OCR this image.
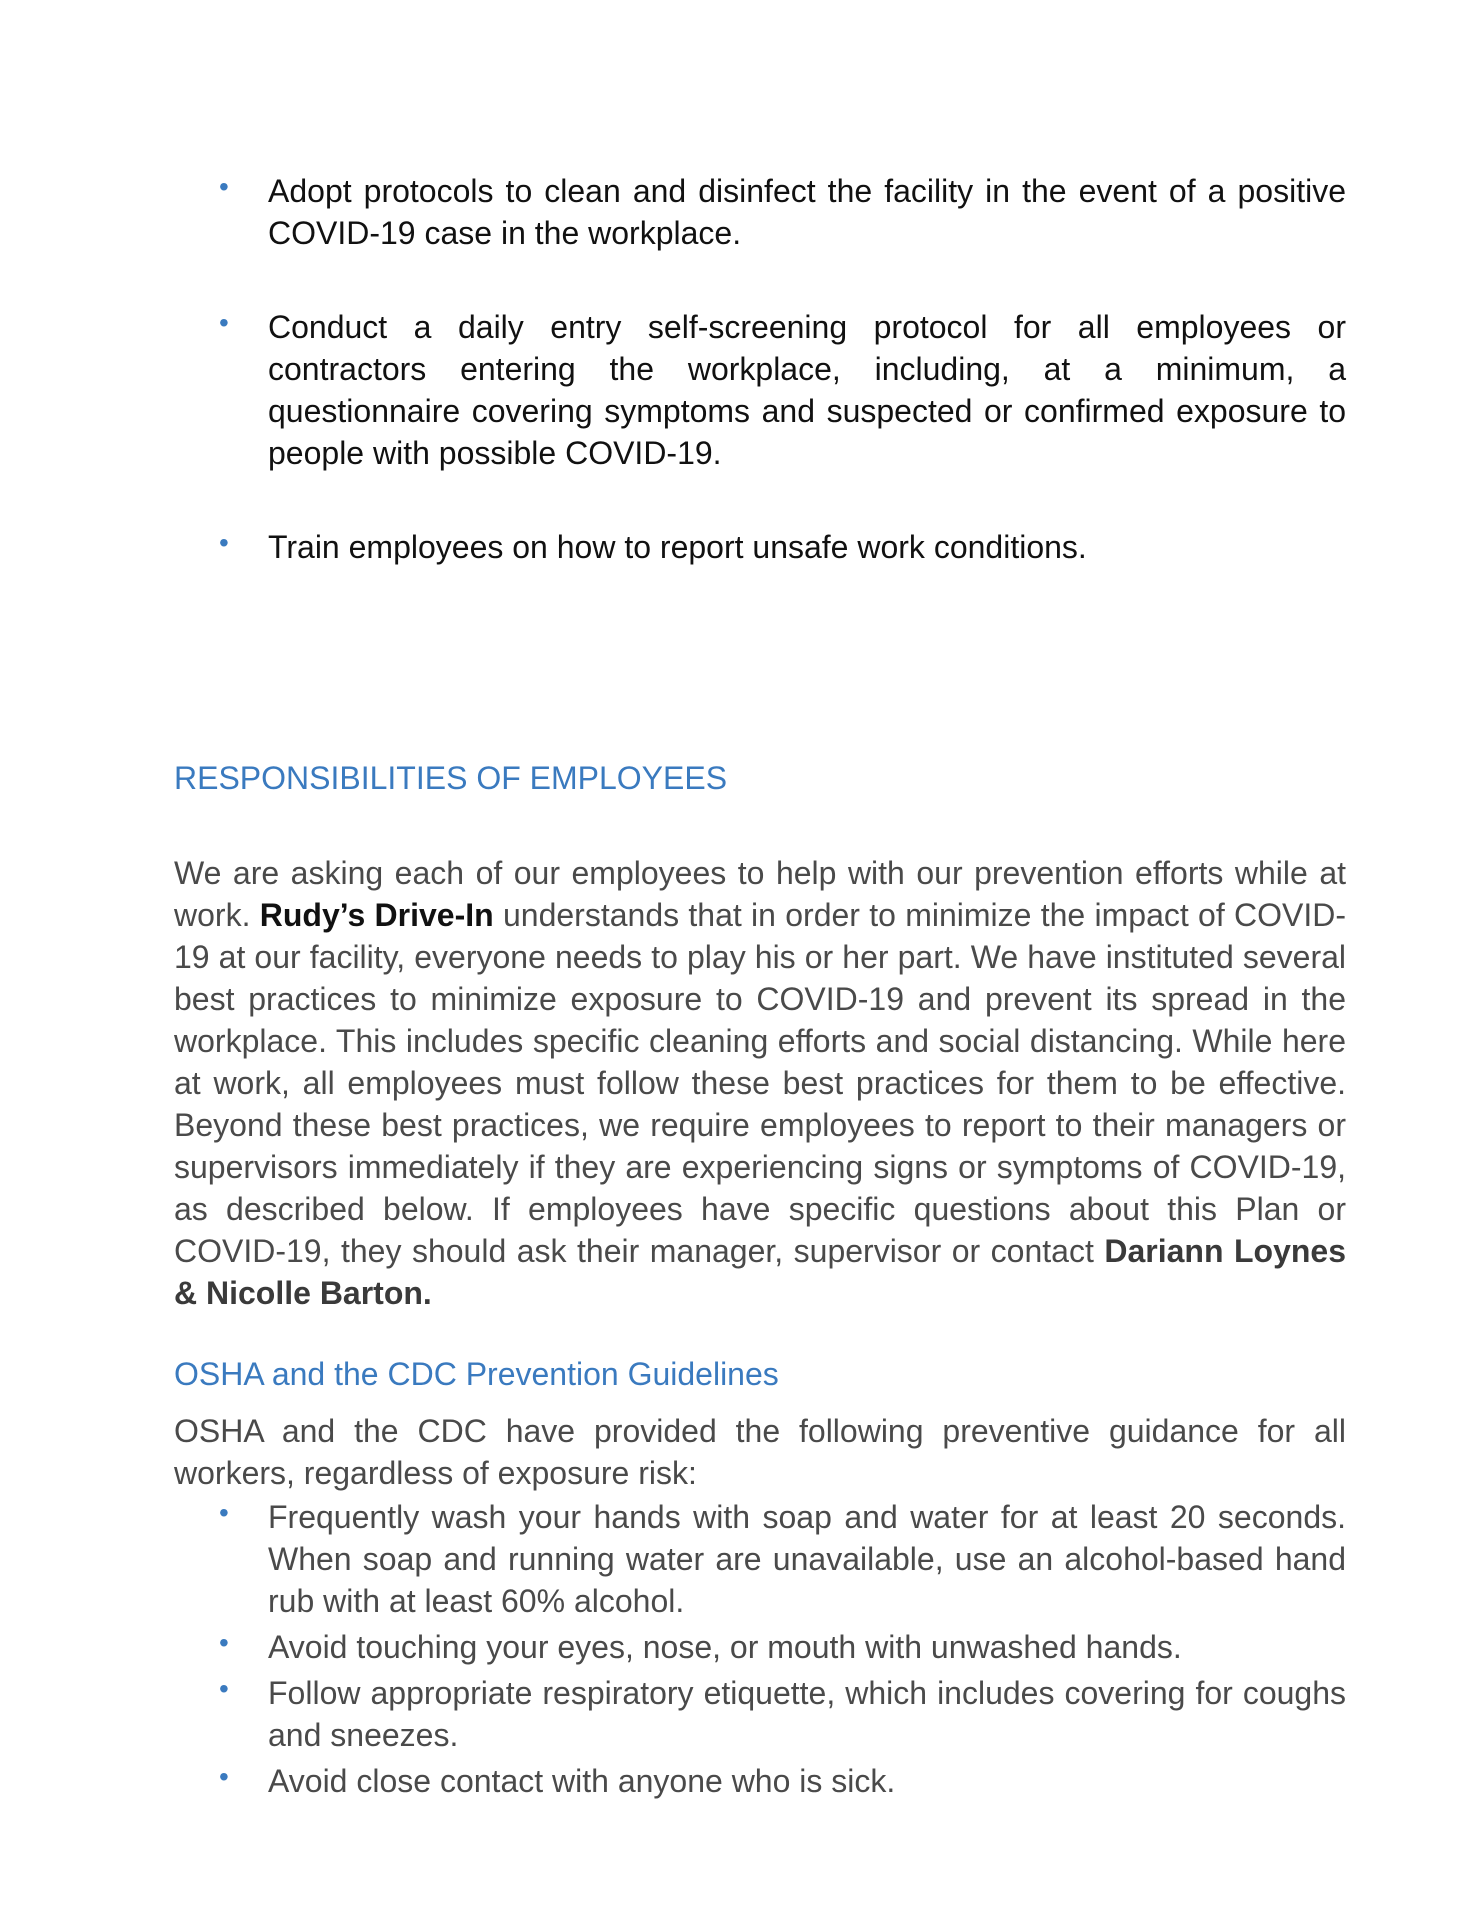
• Adopt protocols to clean and disinfect the facility in the event of a positive COVID-19 case in the workplace.
• Conduct a daily entry self-screening protocol for all employees or contractors entering the workplace, including, at a minimum, a questionnaire covering symptoms and suspected or confirmed exposure to people with possible COVID-19.
• Train employees on how to report unsafe work conditions.
RESPONSIBILITIES OF EMPLOYEES

We are asking each of our employees to help with our prevention efforts while at work. Rudy’s Drive-In understands that in order to minimize the impact of COVID-19 at our facility, everyone needs to play his or her part. We have instituted several best practices to minimize exposure to COVID-19 and prevent its spread in the workplace. This includes specific cleaning efforts and social distancing. While here at work, all employees must follow these best practices for them to be effective. Beyond these best practices, we require employees to report to their managers or supervisors immediately if they are experiencing signs or symptoms of COVID-19, as described below. If employees have specific questions about this Plan or COVID-19, they should ask their manager, supervisor or contact Dariann Loynes & Nicolle Barton.

OSHA and the CDC Prevention Guidelines

OSHA and the CDC have provided the following preventive guidance for all workers, regardless of exposure risk:

• Frequently wash your hands with soap and water for at least 20 seconds. When soap and running water are unavailable, use an alcohol-based hand rub with at least 60% alcohol.
• Avoid touching your eyes, nose, or mouth with unwashed hands.
• Follow appropriate respiratory etiquette, which includes covering for coughs and sneezes.
• Avoid close contact with anyone who is sick.
